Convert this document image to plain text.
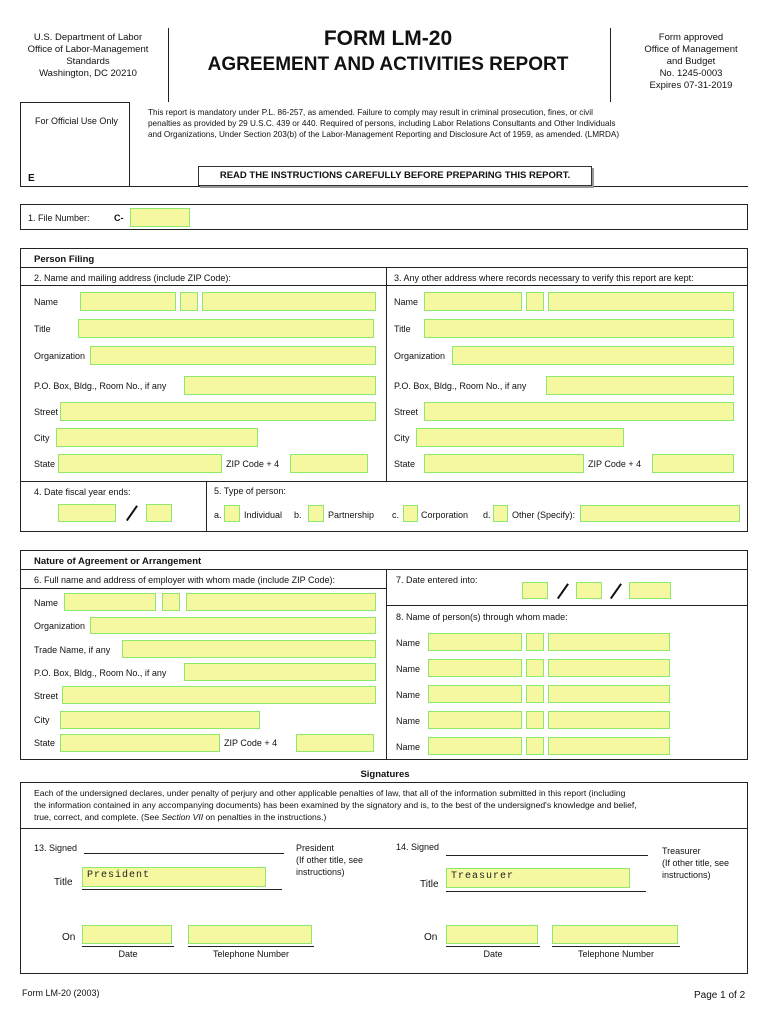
U.S. Department of Labor
Office of Labor-Management
Standards
Washington, DC 20210
FORM LM-20
AGREEMENT AND ACTIVITIES REPORT
Form approved
Office of Management
and Budget
No. 1245-0003
Expires 07-31-2019
For Official Use Only
E
This report is mandatory under P.L. 86-257, as amended. Failure to comply may result in criminal prosecution, fines, or civil
penalties as provided by 29 U.S.C. 439 or 440. Required of persons, including Labor Relations Consultants and Other Individuals
and Organizations, Under Section 203(b) of the Labor-Management Reporting and Disclosure Act of 1959, as amended. (LMRDA)
READ THE INSTRUCTIONS CAREFULLY BEFORE PREPARING THIS REPORT.
1. File Number:	C-
Person Filing
2. Name and mailing address (include ZIP Code):	3. Any other address where records necessary to verify this report are kept:
Name
Title
Organization
P.O. Box, Bldg., Room No., if any
Street
City
State	ZIP Code + 4
Name
Title
Organization
P.O. Box, Bldg., Room No., if any
Street
City
State	ZIP Code + 4
4. Date fiscal year ends:	5. Type of person:
a. Individual b.	Partnership c. Corporation d. Other (Specify):
Nature of Agreement or Arrangement
6. Full name and address of employer with whom made (include ZIP Code):	7. Date entered into:
Name
Organization
Trade Name, if any
P.O. Box, Bldg., Room No., if any
Street
City
State	ZIP Code + 4
8. Name of person(s) through whom made:
Name
Name
Name
Name
Name
Signatures
Each of the undersigned declares, under penalty of perjury and other applicable penalties of law, that all of the information submitted in this report (including
the information contained in any accompanying documents) has been examined by the signatory and is, to the best of the undersigned's knowledge and belief,
true, correct, and complete. (See Section VII on penalties in the instructions.)
13. Signed	President
(If other title, see
instructions)
Title
President
On
Date	Telephone Number
14. Signed	Treasurer
(If other title, see
instructions)
Title
Treasurer
On
Date	Telephone Number
Form LM-20 (2003)	Page 1 of 2
